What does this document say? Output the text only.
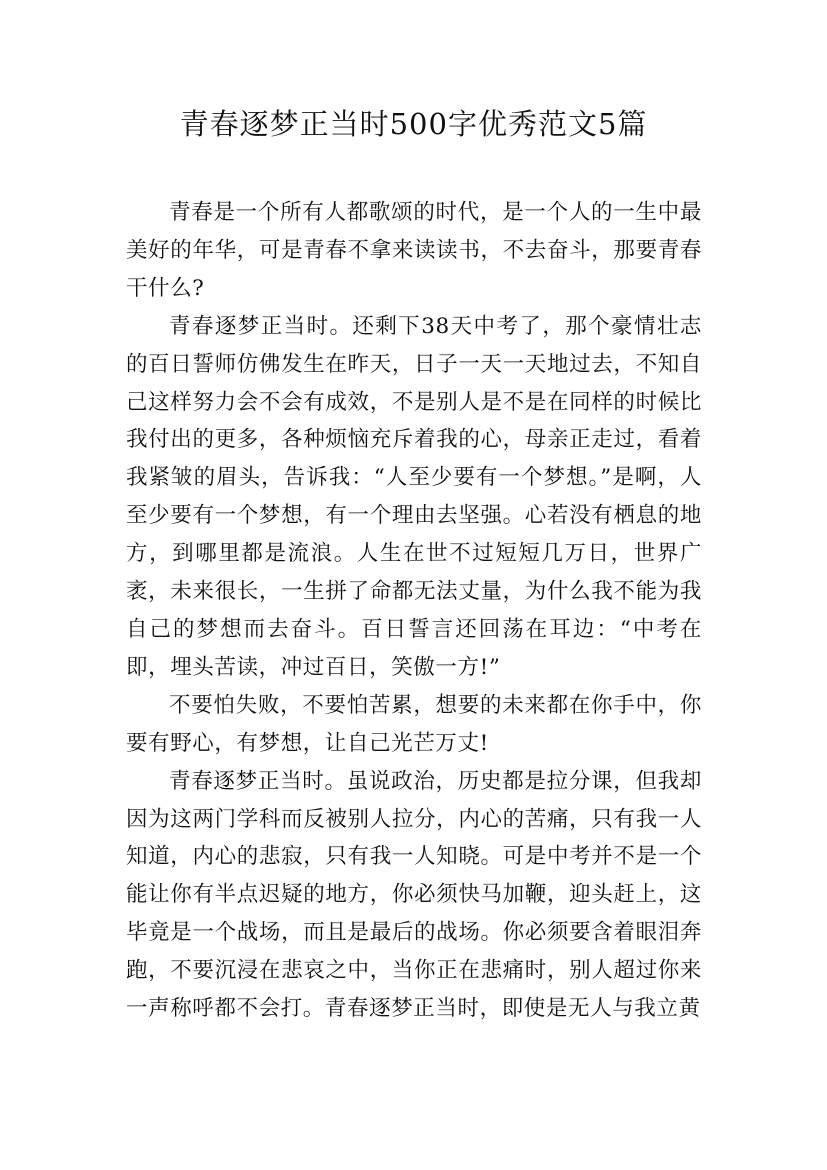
青春逐梦正当时500字优秀范文5篇

青春是一个所有人都歌颂的时代，是一个人的一生中最美好的年华，可是青春不拿来读读书，不去奋斗，那要青春干什么?

青春逐梦正当时。还剩下38天中考了，那个豪情壮志的百日誓师仿佛发生在昨天，日子一天一天地过去，不知自己这样努力会不会有成效，不是别人是不是在同样的时候比我付出的更多，各种烦恼充斥着我的心，母亲正走过，看着我紧皱的眉头，告诉我：“人至少要有一个梦想。”是啊，人至少要有一个梦想，有一个理由去坚强。心若没有栖息的地方，到哪里都是流浪。人生在世不过短短几万日，世界广袤，未来很长，一生拼了命都无法丈量，为什么我不能为我自己的梦想而去奋斗。百日誓言还回荡在耳边：“中考在即，埋头苦读，冲过百日，笑傲一方!”

不要怕失败，不要怕苦累，想要的未来都在你手中，你要有野心，有梦想，让自己光芒万丈!

青春逐梦正当时。虽说政治，历史都是拉分课，但我却因为这两门学科而反被别人拉分，内心的苦痛，只有我一人知道，内心的悲寂，只有我一人知晓。可是中考并不是一个能让你有半点迟疑的地方，你必须快马加鞭，迎头赶上，这毕竟是一个战场，而且是最后的战场。你必须要含着眼泪奔跑，不要沉浸在悲哀之中，当你正在悲痛时，别人超过你来一声称呼都不会打。青春逐梦正当时，即使是无人与我立黄
